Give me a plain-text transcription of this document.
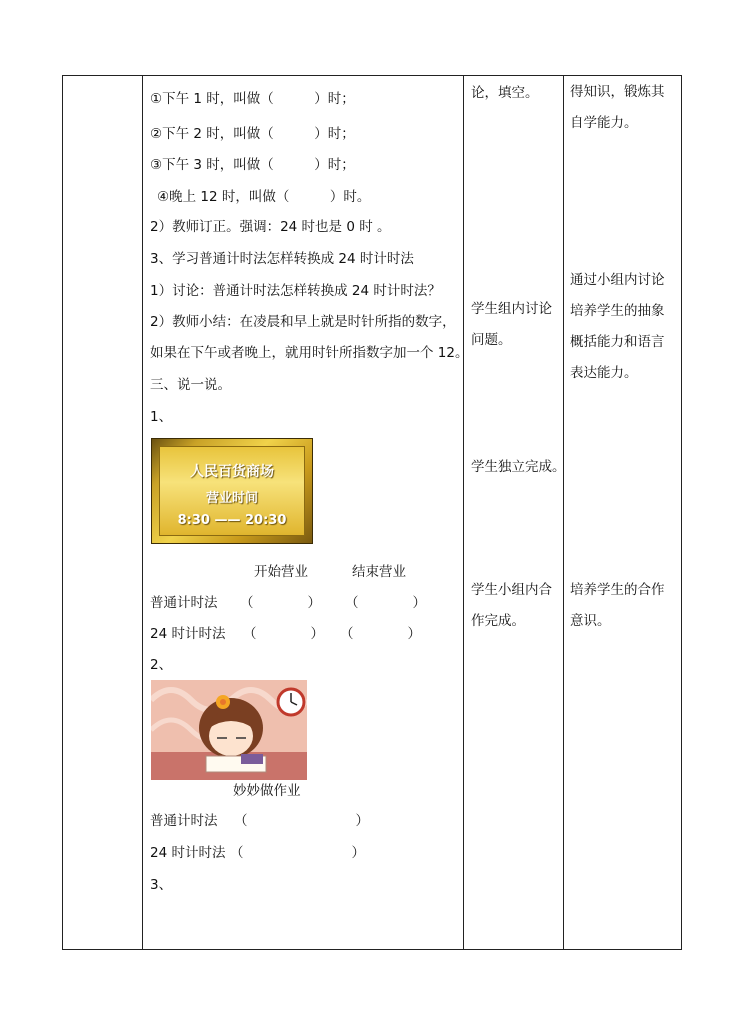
①下午 1 时，叫做（　　　）时；
②下午 2 时，叫做（　　　）时；
③下午 3 时，叫做（　　　）时；
④晚上 12 时，叫做（　　　）时。
2）教师订正。强调：24 时也是 0 时 。
3、学习普通计时法怎样转换成 24 时计时法
1）讨论：普通计时法怎样转换成 24 时计时法？
2）教师小结：在凌晨和早上就是时针所指的数字，
如果在下午或者晚上，就用时针所指数字加一个 12。
三、说一说。
1、
人民百货商场
营业时间
8:30 —— 20:30
开始营业	结束营业
普通计时法 （　　　　） （　　　　）
24 时计时法 （　　　　） （　　　　）
2、
妙妙做作业
普通计时法 （　　　　　　　　）
24 时计时法 （　　　　　　　　）
3、
论，填空。
学生组内讨论
问题。
学生独立完成。
学生小组内合
作完成。
得知识，锻炼其
自学能力。
通过小组内讨论
培养学生的抽象
概括能力和语言
表达能力。
培养学生的合作
意识。
